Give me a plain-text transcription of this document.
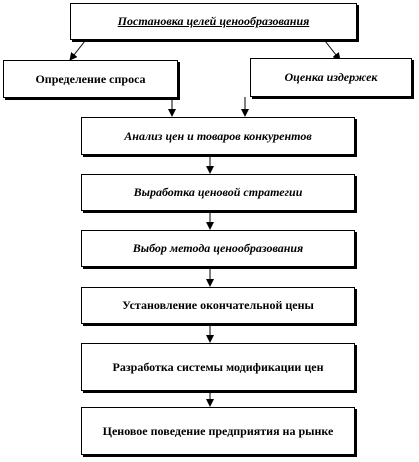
Постановка целей ценообразования
Определение спроса	Оценка издержек
Анализ цен и товаров конкурентов
Выработка ценовой стратегии
Выбор метода ценообразования
Установление окончательной цены
Разработка системы модификации цен
Ценовое поведение предприятия на рынке
